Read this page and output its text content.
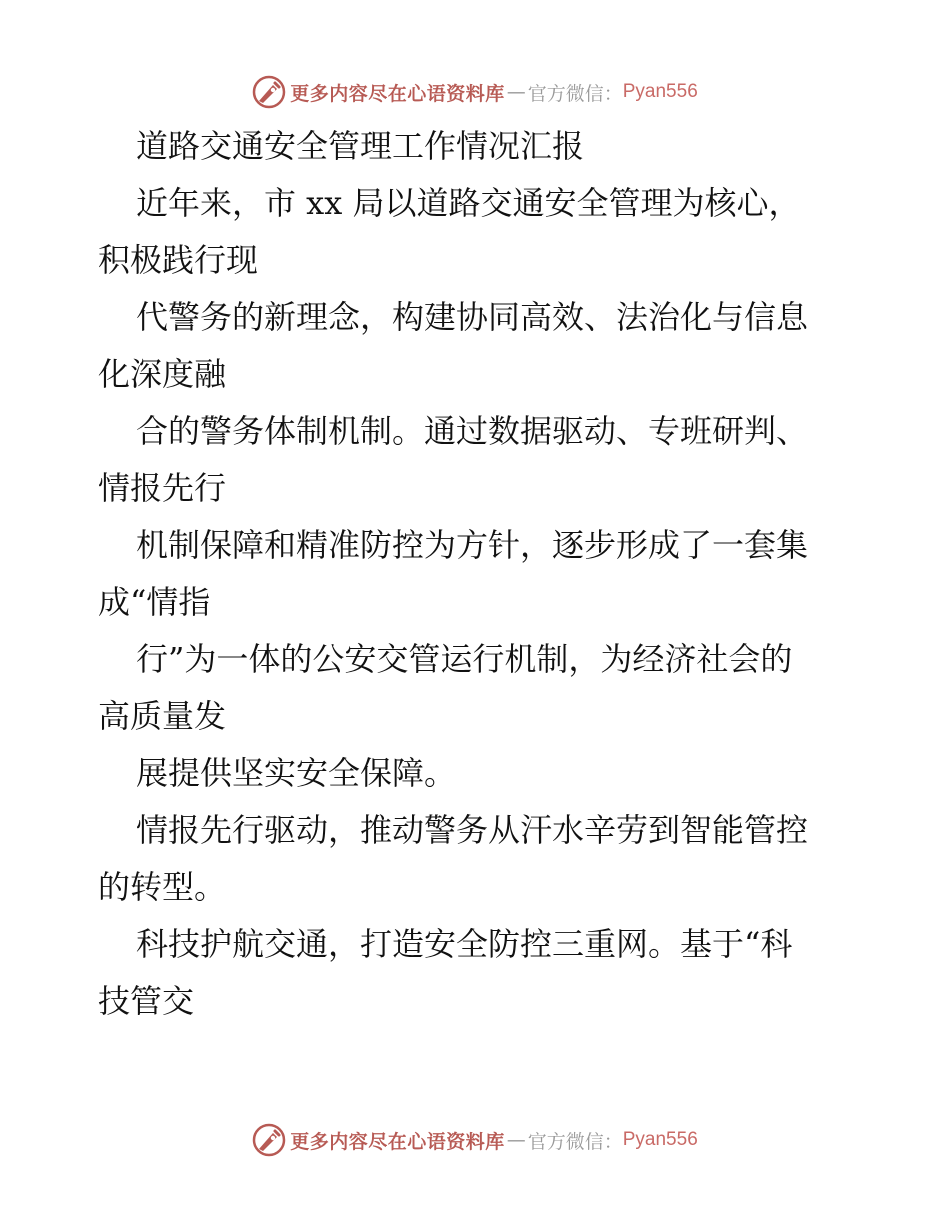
更多内容尽在心语资料库 — 官方微信： Pyan556
道路交通安全管理工作情况汇报
近年来，市 xx 局以道路交通安全管理为核心，
积极践行现
代警务的新理念，构建协同高效、法治化与信息
化深度融
合的警务体制机制。通过数据驱动、专班研判、
情报先行
机制保障和精准防控为方针，逐步形成了一套集
成“情指
行”为一体的公安交管运行机制，为经济社会的
高质量发
展提供坚实安全保障。
情报先行驱动，推动警务从汗水辛劳到智能管控
的转型。
科技护航交通，打造安全防控三重网。基于“科
技管交
更多内容尽在心语资料库 — 官方微信： Pyan556
